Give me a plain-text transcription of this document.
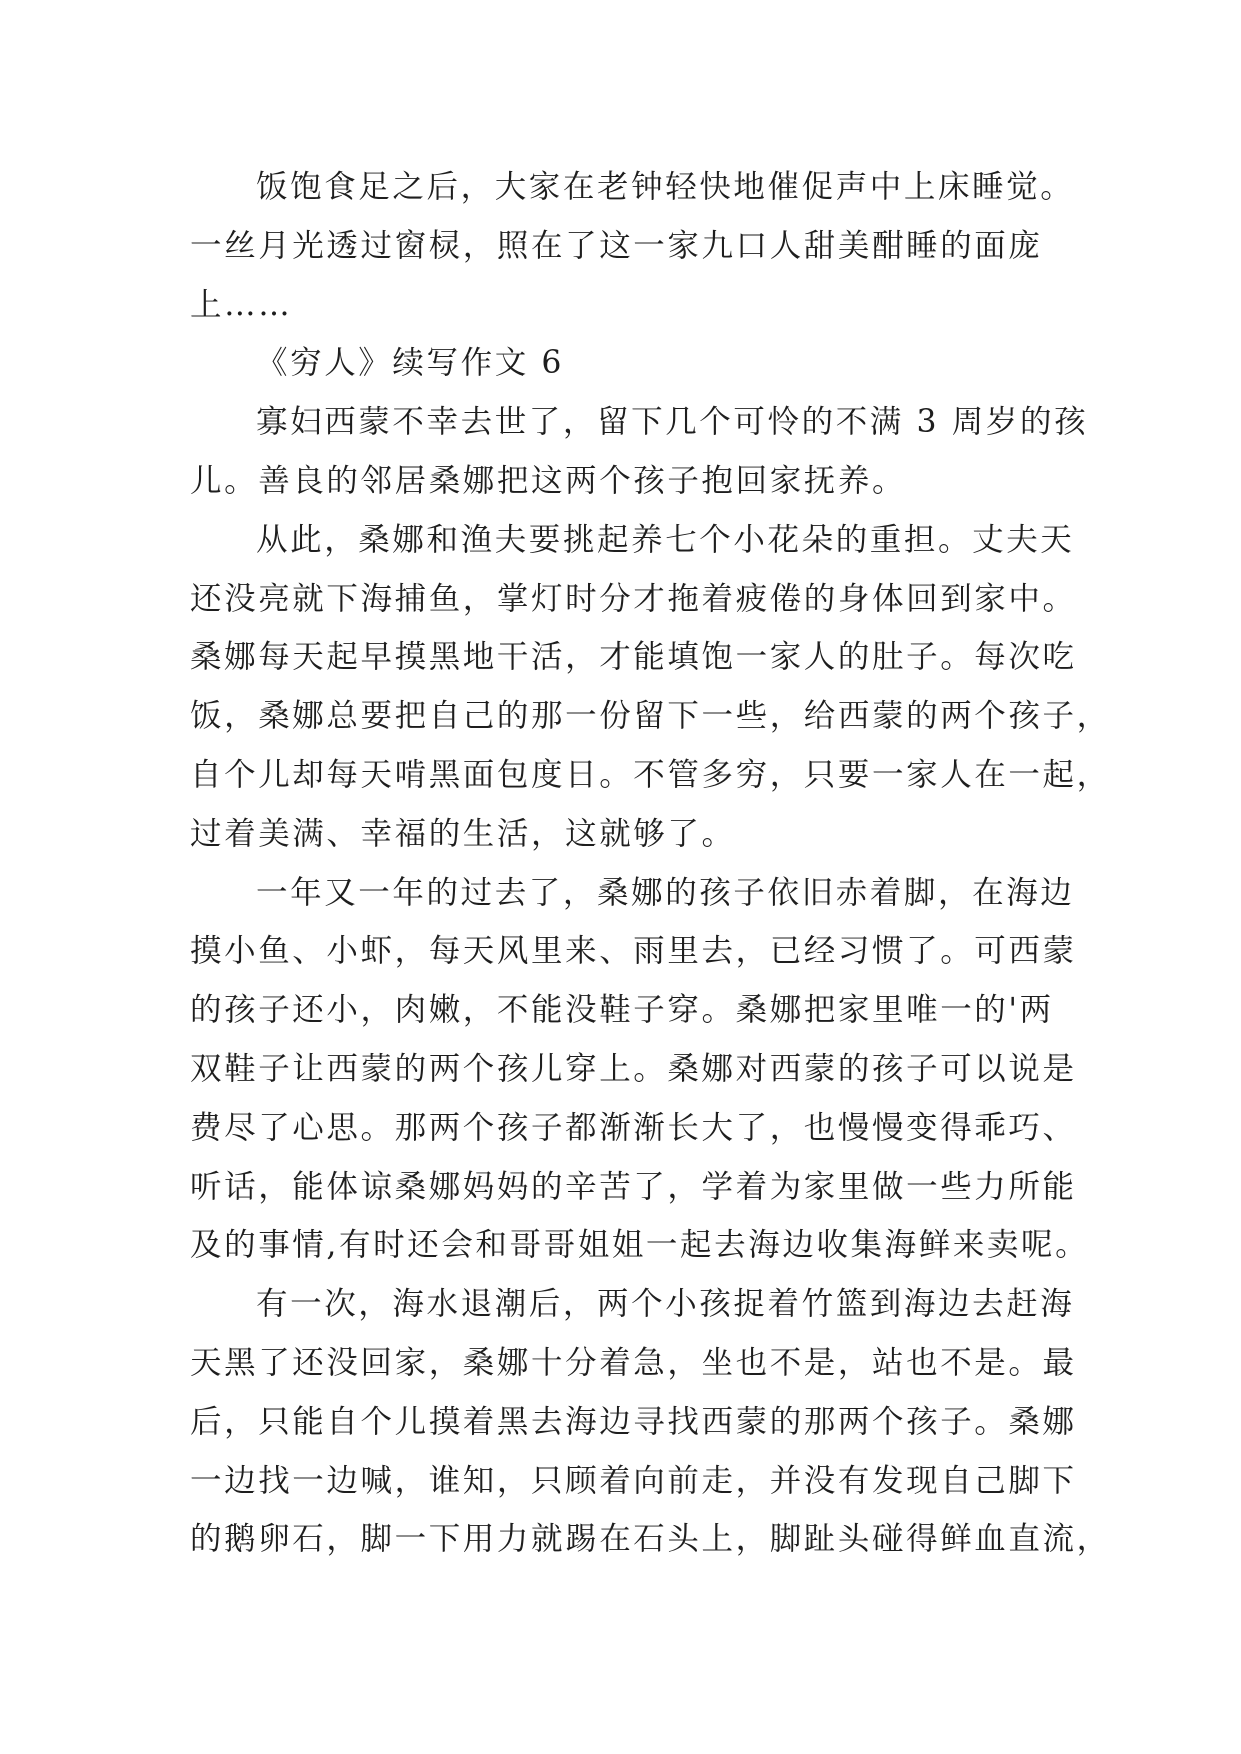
饭饱食足之后，大家在老钟轻快地催促声中上床睡觉。
一丝月光透过窗棂，照在了这一家九口人甜美酣睡的面庞
上……
《穷人》续写作文 6
寡妇西蒙不幸去世了，留下几个可怜的不满 3 周岁的孩
儿。善良的邻居桑娜把这两个孩子抱回家抚养。
从此，桑娜和渔夫要挑起养七个小花朵的重担。丈夫天
还没亮就下海捕鱼，掌灯时分才拖着疲倦的身体回到家中。
桑娜每天起早摸黑地干活，才能填饱一家人的肚子。每次吃
饭，桑娜总要把自己的那一份留下一些，给西蒙的两个孩子，
自个儿却每天啃黑面包度日。不管多穷，只要一家人在一起，
过着美满、幸福的生活，这就够了。
一年又一年的过去了，桑娜的孩子依旧赤着脚，在海边
摸小鱼、小虾，每天风里来、雨里去，已经习惯了。可西蒙
的孩子还小，肉嫩，不能没鞋子穿。桑娜把家里唯一的'两
双鞋子让西蒙的两个孩儿穿上。桑娜对西蒙的孩子可以说是
费尽了心思。那两个孩子都渐渐长大了，也慢慢变得乖巧、
听话，能体谅桑娜妈妈的辛苦了，学着为家里做一些力所能
及的事情,有时还会和哥哥姐姐一起去海边收集海鲜来卖呢。
有一次，海水退潮后，两个小孩捉着竹篮到海边去赶海
天黑了还没回家，桑娜十分着急，坐也不是，站也不是。最
后，只能自个儿摸着黑去海边寻找西蒙的那两个孩子。桑娜
一边找一边喊，谁知，只顾着向前走，并没有发现自己脚下
的鹅卵石，脚一下用力就踢在石头上，脚趾头碰得鲜血直流，
